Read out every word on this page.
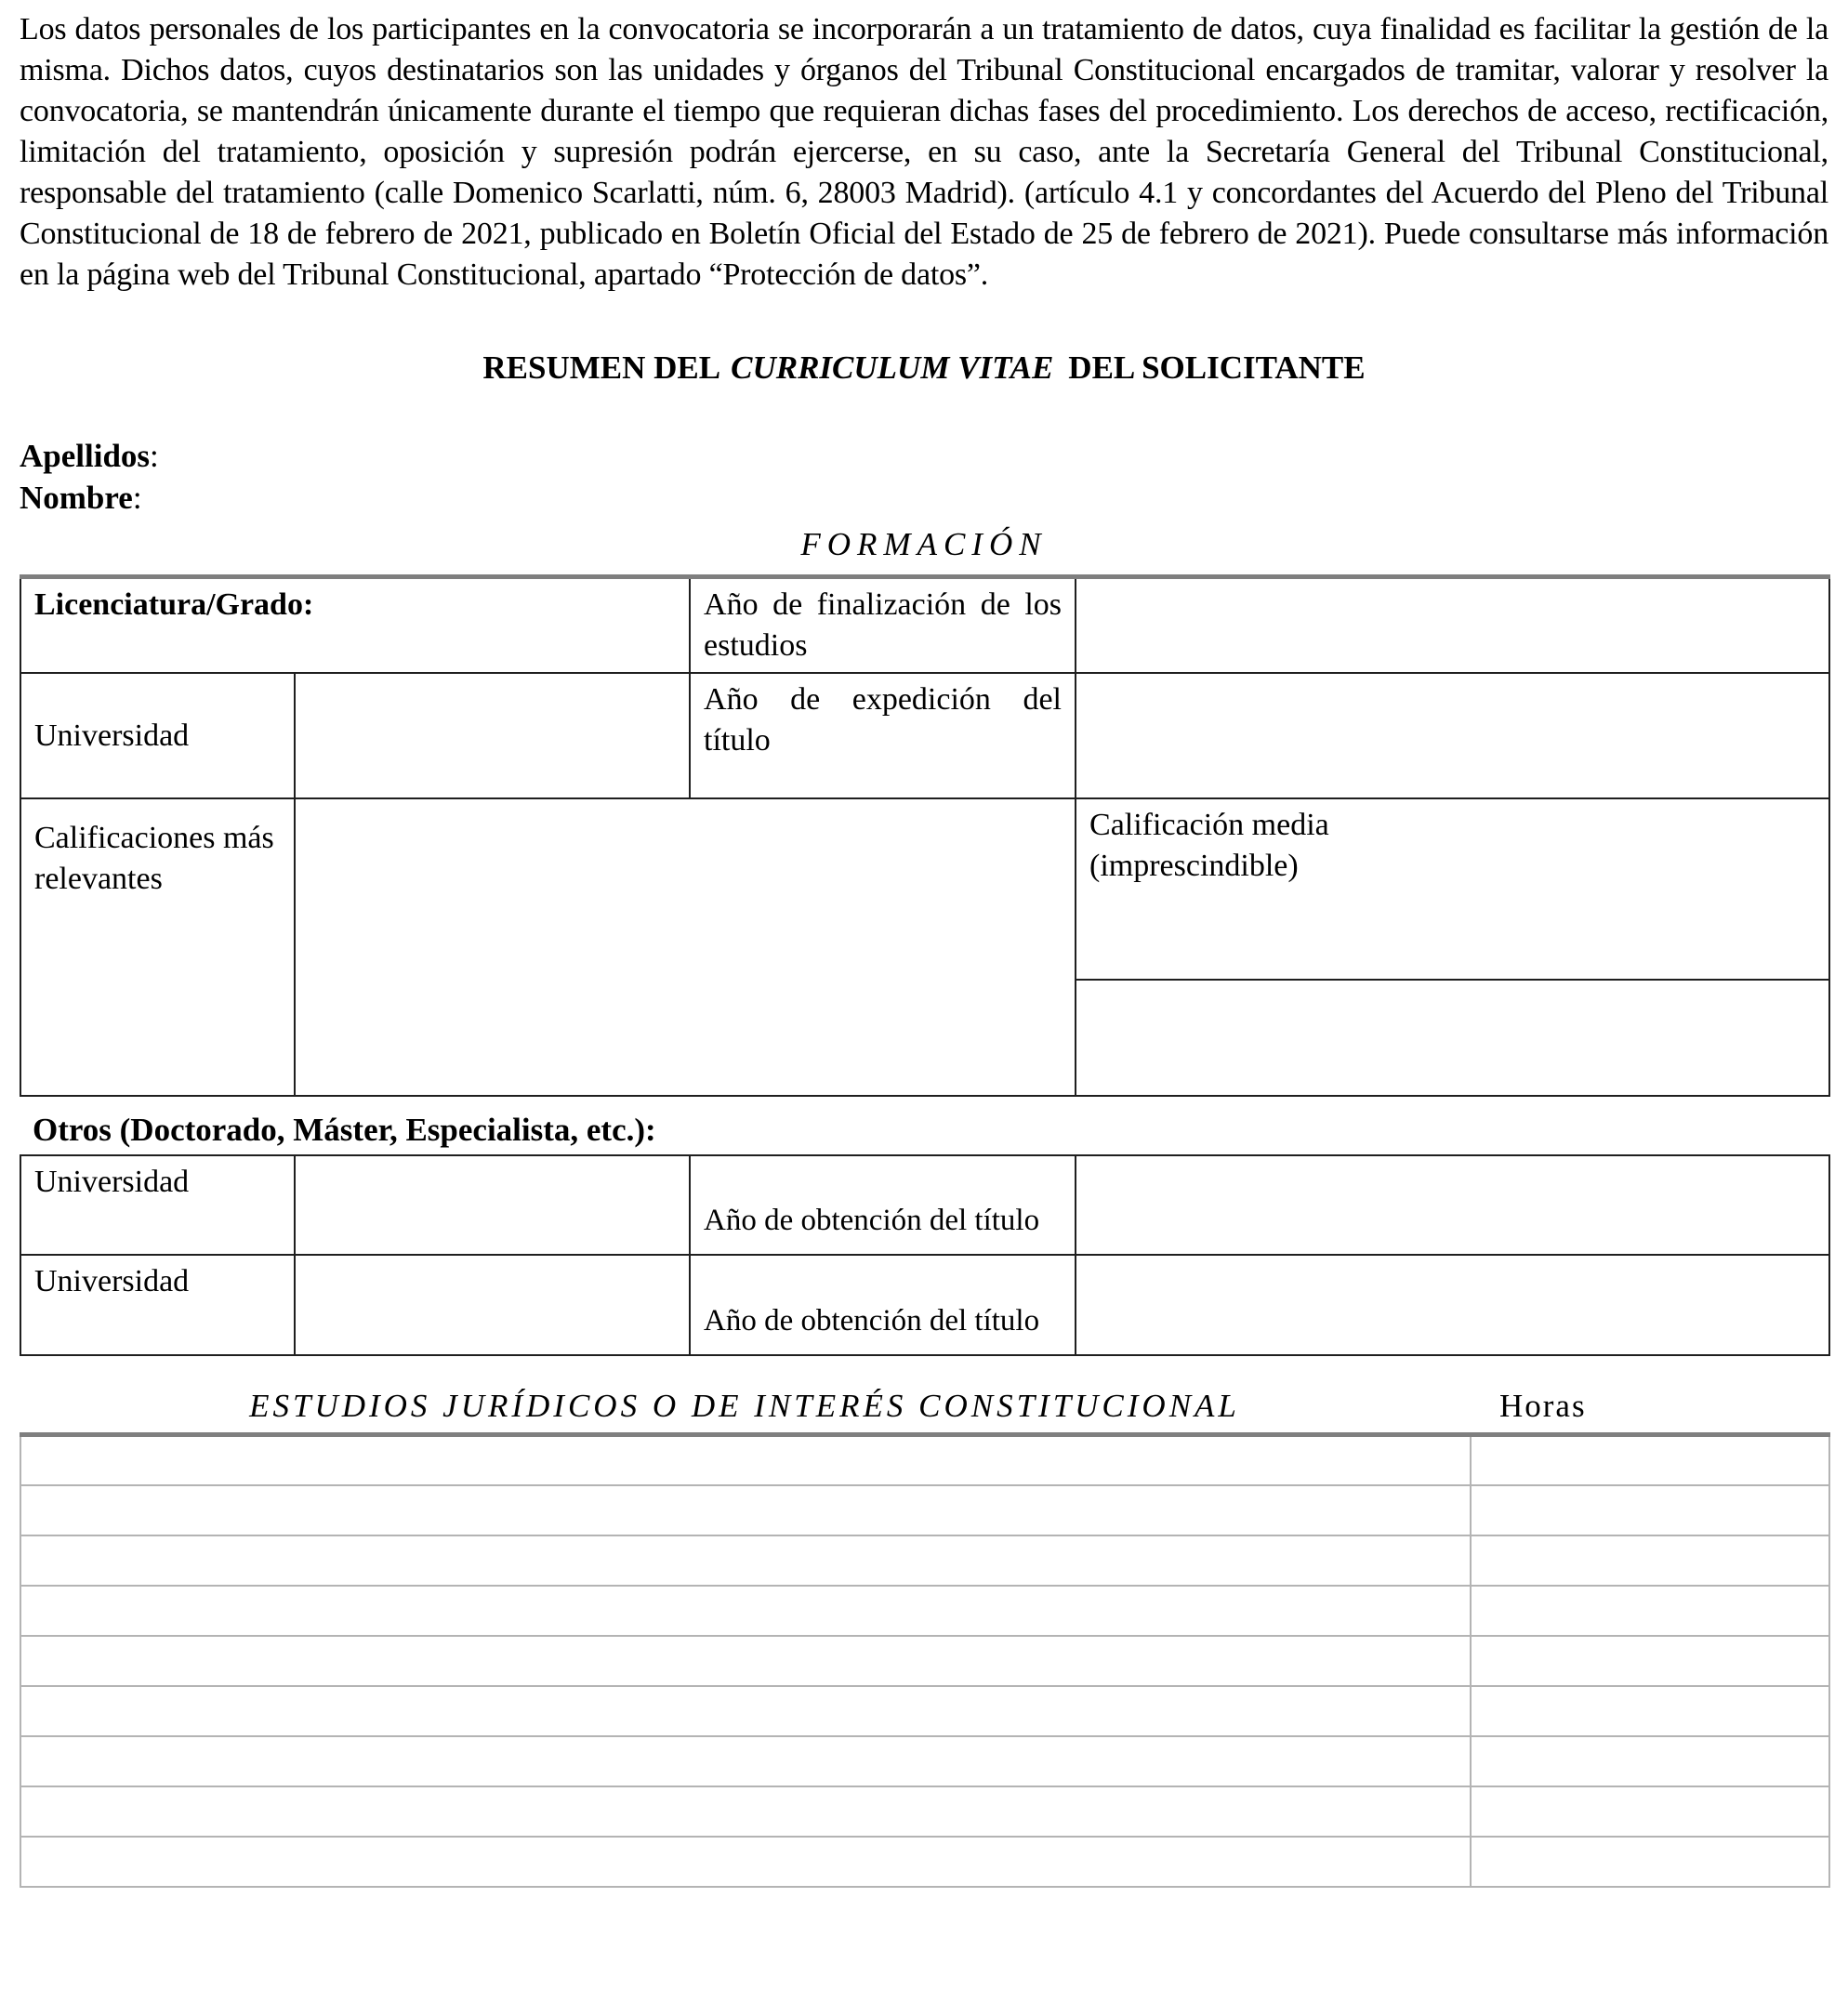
Los datos personales de los participantes en la convocatoria se incorporarán a un tratamiento de datos, cuya finalidad es facilitar la gestión de la misma. Dichos datos, cuyos destinatarios son las unidades y órganos del Tribunal Constitucional encargados de tramitar, valorar y resolver la convocatoria, se mantendrán únicamente durante el tiempo que requieran dichas fases del procedimiento. Los derechos de acceso, rectificación, limitación del tratamiento, oposición y supresión podrán ejercerse, en su caso, ante la Secretaría General del Tribunal Constitucional, responsable del tratamiento (calle Domenico Scarlatti, núm. 6, 28003 Madrid). (artículo 4.1 y concordantes del Acuerdo del Pleno del Tribunal Constitucional de 18 de febrero de 2021, publicado en Boletín Oficial del Estado de 25 de febrero de 2021). Puede consultarse más información en la página web del Tribunal Constitucional, apartado “Protección de datos”.

RESUMEN DEL CURRICULUM VITAE DEL SOLICITANTE
Apellidos:
Nombre:
FORMACIÓN
Licenciatura/Grado:		Año de finalización de los estudios	
Universidad		Año de expedición del título	
Calificaciones más relevantes			Calificación media (imprescindible)

Otros (Doctorado, Máster, Especialista, etc.):
Universidad		Año de obtención del título	
Universidad		Año de obtención del título	
ESTUDIOS JURÍDICOS O DE INTERÉS CONSTITUCIONAL	Horas
